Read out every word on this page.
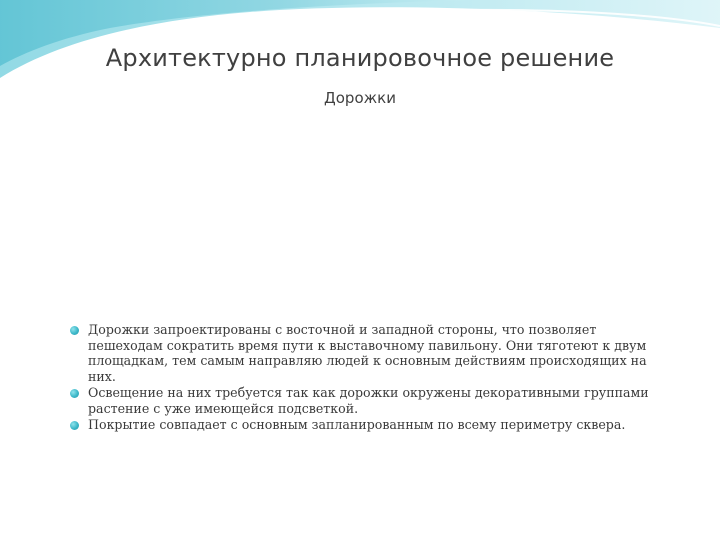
Архитектурно планировочное решение
Дорожки
Дорожки запроектированы с восточной и западной стороны, что позволяет пешеходам сократить время пути к выставочному павильону. Они тяготеют к двум площадкам, тем самым направляю людей к основным действиям происходящих на них.
Освещение на них требуется так как дорожки окружены декоративными группами растение с уже имеющейся подсветкой.
Покрытие совпадает с основным запланированным по всему периметру сквера.
